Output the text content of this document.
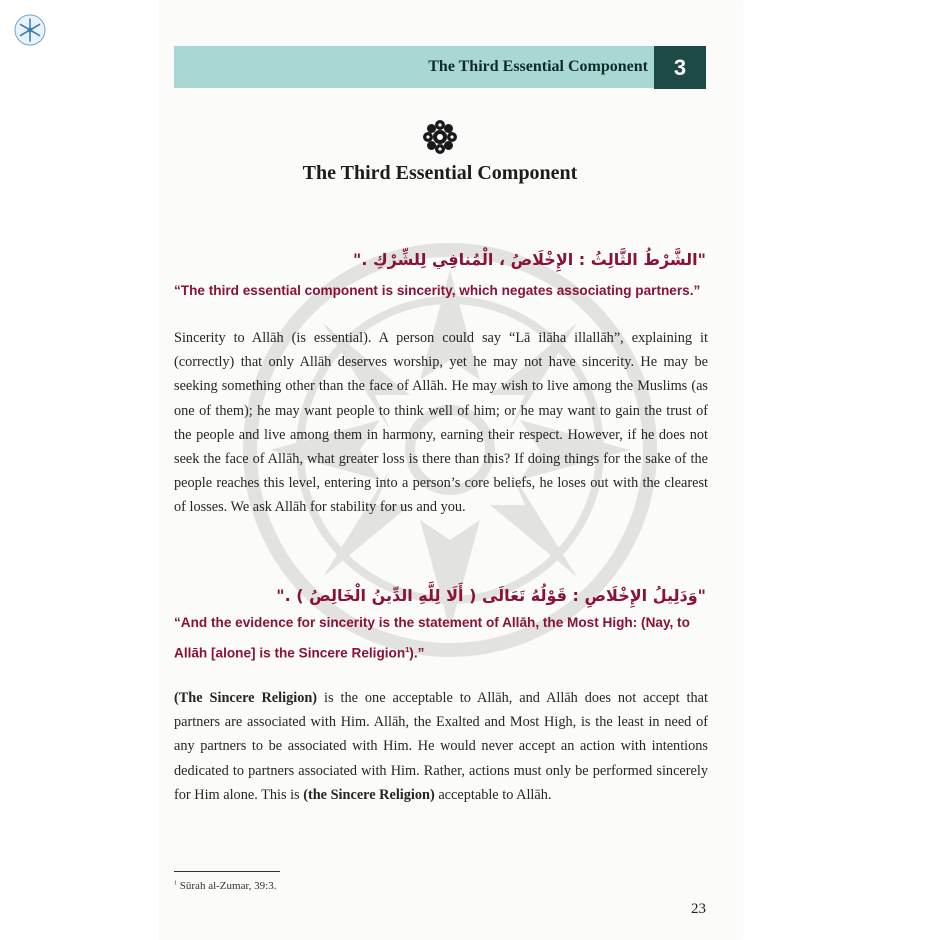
The Third Essential Component	3
The Third Essential Component
"الشَّرْطُ الثَّالِثُ : الإِخْلَاصُ ، الْمُنافِي لِلشِّرْكِ ."

“The third essential component is sincerity, which negates associating partners.”

Sincerity to Allāh (is essential). A person could say “Lā ilāha illallāh”, explaining it (correctly) that only Allāh deserves worship, yet he may not have sincerity. He may be seeking something other than the face of Allāh. He may wish to live among the Muslims (as one of them); he may want people to think well of him; or he may want to gain the trust of the people and live among them in harmony, earning their respect. However, if he does not seek the face of Allāh, what greater loss is there than this? If doing things for the sake of the people reaches this level, entering into a person’s core beliefs, he loses out with the clearest of losses. We ask Allāh for stability for us and you.

"وَدَلِيلُ الإِخْلَاصِ : قَوْلُهُ تَعَالَى ( أَلَا لِلَّهِ الدِّينُ الْخَالِصُ ) ."

“And the evidence for sincerity is the statement of Allāh, the Most High: (Nay, to Allāh [alone] is the Sincere Religion$^1$).”

(The Sincere Religion) is the one acceptable to Allāh, and Allāh does not accept that partners are associated with Him. Allāh, the Exalted and Most High, is the least in need of any partners to be associated with Him. He would never accept an action with intentions dedicated to partners associated with Him. Rather, actions must only be performed sincerely for Him alone. This is (the Sincere Religion) acceptable to Allāh.

$^1$ Sūrah al-Zumar, 39:3.
23
